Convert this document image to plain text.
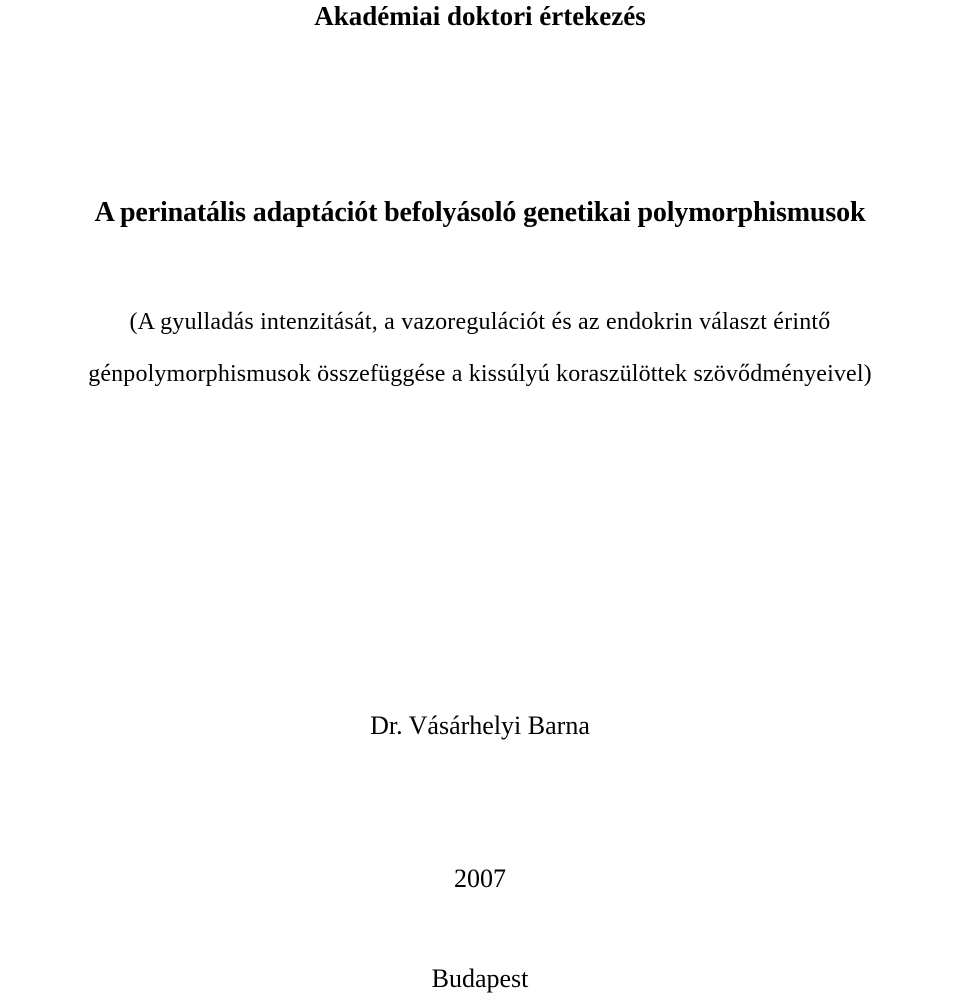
Akadémiai doktori értekezés
A perinatális adaptációt befolyásoló genetikai polymorphismusok

(A gyulladás intenzitását, a vazoregulációt és az endokrin választ érintő

génpolymorphismusok összefüggése a kissúlyú koraszülöttek szövődményeivel)

Dr. Vásárhelyi Barna

2007

Budapest
